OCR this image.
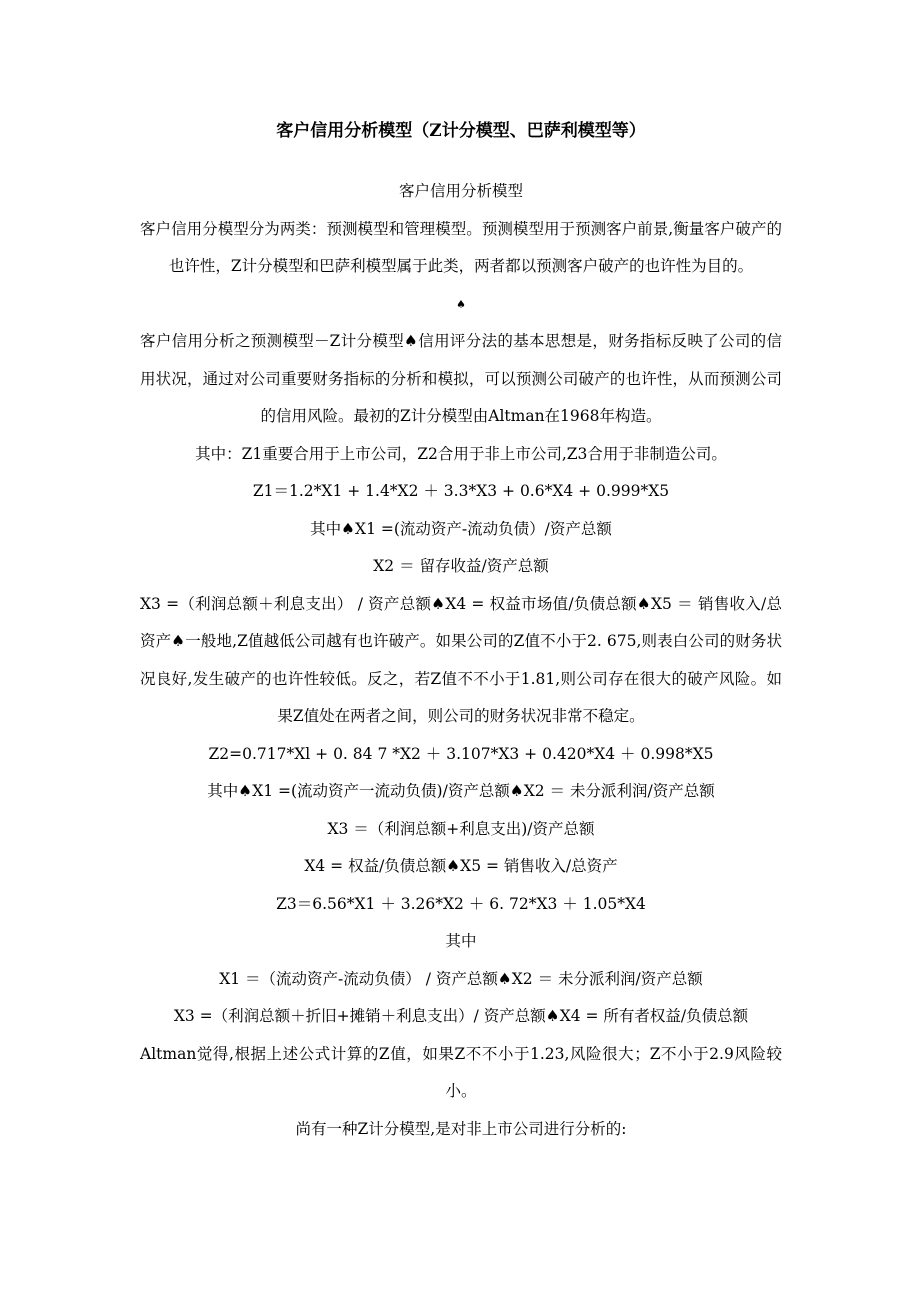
客户信用分析模型（Z计分模型、巴萨利模型等）

客户信用分析模型

客户信用分模型分为两类：预测模型和管理模型。预测模型用于预测客户前景,衡量客户破产的也许性，Z计分模型和巴萨利模型属于此类，两者都以预测客户破产的也许性为目的。

♠

客户信用分析之预测模型－Z计分模型♠信用评分法的基本思想是，财务指标反映了公司的信用状况，通过对公司重要财务指标的分析和模拟，可以预测公司破产的也许性，从而预测公司的信用风险。最初的Z计分模型由Altman在1968年构造。

其中：Z1重要合用于上市公司，Z2合用于非上市公司,Z3合用于非制造公司。

Z1＝1.2*X1 + 1.4*X2 ＋ 3.3*X3 + 0.6*X4 + 0.999*X5

其中♠X1 =(流动资产-流动负债）/资产总额

X2 ＝ 留存收益/资产总额

X3 =（利润总额＋利息支出） / 资产总额♠X4 = 权益市场值/负债总额♠X5 ＝ 销售收入/总资产♠一般地,Z值越低公司越有也许破产。如果公司的Z值不小于2. 675,则表白公司的财务状况良好,发生破产的也许性较低。反之，若Z值不不小于1.81,则公司存在很大的破产风险。如果Z值处在两者之间，则公司的财务状况非常不稳定。

Z2=0.717*Xl + 0. 84 7 *X2 ＋ 3.107*X3 + 0.420*X4 ＋ 0.998*X5

其中♠X1 =(流动资产一流动负债)/资产总额♠X2 ＝ 未分派利润/资产总额

X3 ＝（利润总额+利息支出)/资产总额

X4 = 权益/负债总额♠X5 = 销售收入/总资产

Z3＝6.56*X1 ＋ 3.26*X2 ＋ 6. 72*X3 ＋ 1.05*X4

其中

X1 ＝（流动资产-流动负债） / 资产总额♠X2 ＝ 未分派利润/资产总额

X3 =（利润总额＋折旧+摊销＋利息支出）/ 资产总额♠X4 = 所有者权益/负债总额

Altman觉得,根据上述公式计算的Z值，如果Z不不小于1.23,风险很大；Z不小于2.9风险较小。

尚有一种Z计分模型,是对非上市公司进行分析的:
